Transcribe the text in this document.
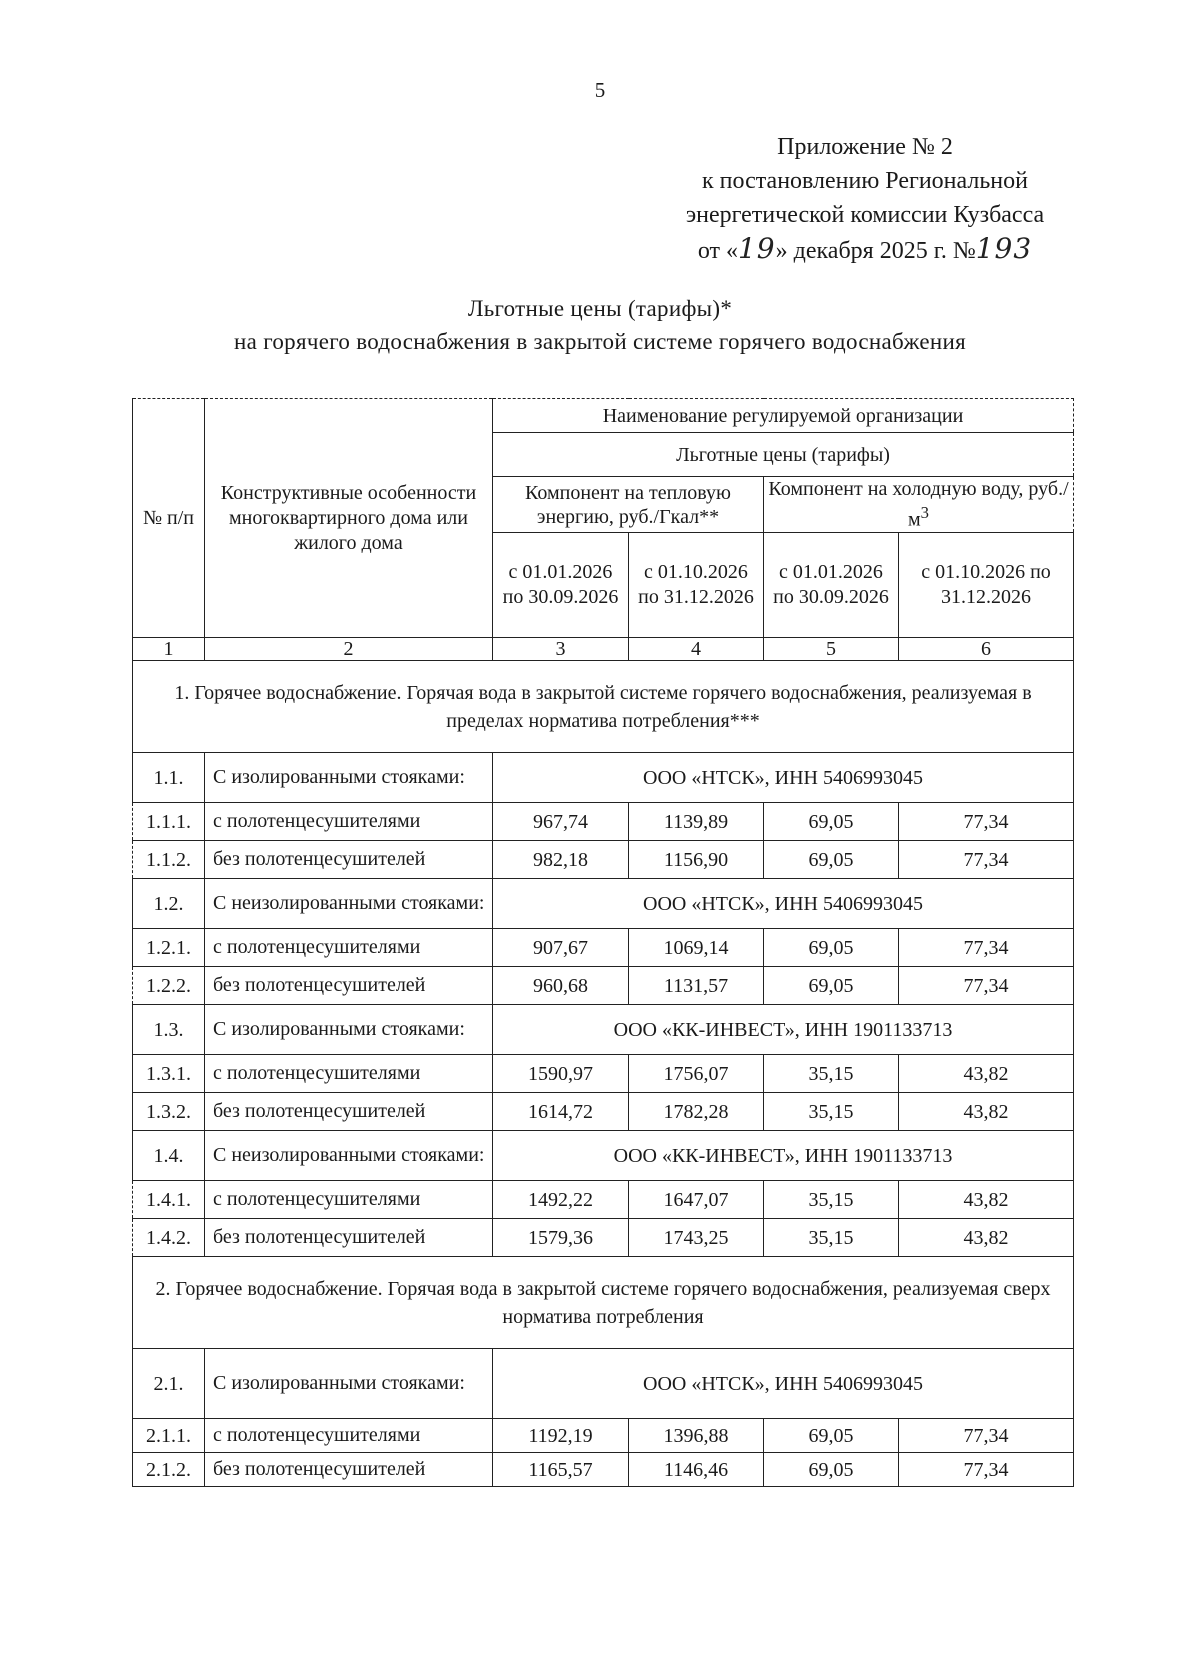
5
Приложение № 2
к постановлению Региональной
энергетической комиссии Кузбасса
от «19» декабря 2025 г. №193
Льготные цены (тарифы)*
на горячего водоснабжения в закрытой системе горячего водоснабжения
№ п/п	Конструктивные особенности многоквартирного дома или жилого дома	Наименование регулируемой организации			
		Льготные цены (тарифы)			
		Компонент на тепловую энергию, руб./Гкал**		Компонент на холодную воду, $руб./м^3$
		с 01.01.2026 по 30.09.2026	с 01.10.2026 по 31.12.2026	с 01.01.2026 по 30.09.2026	с 01.10.2026 по 31.12.2026
1	2	3	4	5	6
1. Горячее водоснабжение. Горячая вода в закрытой системе горячего водоснабжения, реализуемая в пределах норматива потребления***					
1.1.	С изолированными стояками:	ООО «НТСК», ИНН 5406993045			
1.1.1.	с полотенцесушителями	967,74	1139,89	69,05	77,34
1.1.2.	без полотенцесушителей	982,18	1156,90	69,05	77,34
1.2.	С неизолированными стояками:	ООО «НТСК», ИНН 5406993045			
1.2.1.	с полотенцесушителями	907,67	1069,14	69,05	77,34
1.2.2.	без полотенцесушителей	960,68	1131,57	69,05	77,34
1.3.	С изолированными стояками:	ООО «КК-ИНВЕСТ», ИНН 1901133713			
1.3.1.	с полотенцесушителями	1590,97	1756,07	35,15	43,82
1.3.2.	без полотенцесушителей	1614,72	1782,28	35,15	43,82
1.4.	С неизолированными стояками:	ООО «КК-ИНВЕСТ», ИНН 1901133713			
1.4.1.	с полотенцесушителями	1492,22	1647,07	35,15	43,82
1.4.2.	без полотенцесушителей	1579,36	1743,25	35,15	43,82
2. Горячее водоснабжение. Горячая вода в закрытой системе горячего водоснабжения, реализуемая сверх норматива потребления					
2.1.	С изолированными стояками:	ООО «НТСК», ИНН 5406993045			
2.1.1.	с полотенцесушителями	1192,19	1396,88	69,05	77,34
2.1.2.	без полотенцесушителей	1165,57	1146,46	69,05	77,34
